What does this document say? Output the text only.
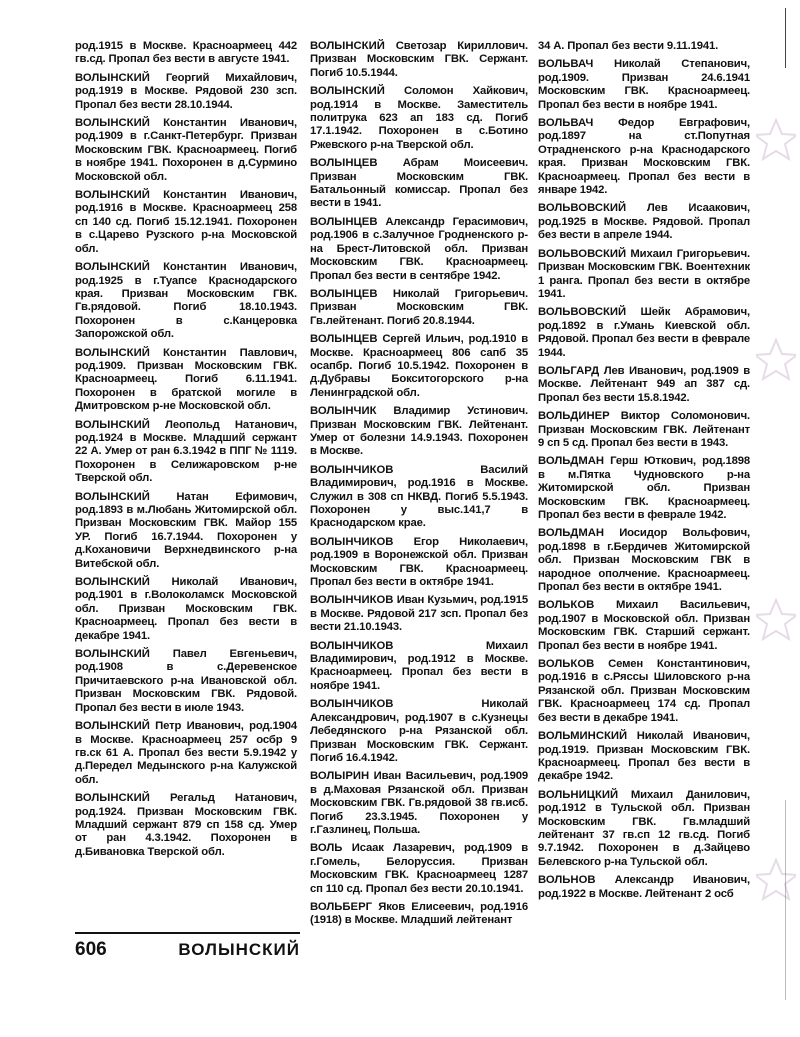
род.1915 в Москве. Красноармеец 442 гв.сд. Пропал без вести в августе 1941.

ВОЛЫНСКИЙ Георгий Михайлович, род.1919 в Москве. Рядовой 230 зсп. Пропал без вести 28.10.1944.

ВОЛЫНСКИЙ Константин Иванович, род.1909 в г.Санкт-Петербург. Призван Московским ГВК. Красноармеец. Погиб в ноябре 1941. Похоронен в д.Сурмино Московской обл.

ВОЛЫНСКИЙ Константин Иванович, род.1916 в Москве. Красноармеец 258 сп 140 сд. Погиб 15.12.1941. Похоронен в с.Царево Рузского р-на Московской обл.

ВОЛЫНСКИЙ Константин Иванович, род.1925 в г.Туапсе Краснодарского края. Призван Московским ГВК. Гв.рядовой. Погиб 18.10.1943. Похоронен в с.Канцеровка Запорожской обл.

ВОЛЫНСКИЙ Константин Павлович, род.1909. Призван Московским ГВК. Красноармеец. Погиб 6.11.1941. Похоронен в братской могиле в Дмитровском р-не Московской обл.

ВОЛЫНСКИЙ Леопольд Натанович, род.1924 в Москве. Младший сержант 22 А. Умер от ран 6.3.1942 в ППГ № 1119. Похоронен в Селижаровском р-не Тверской обл.

ВОЛЫНСКИЙ Натан Ефимович, род.1893 в м.Любань Житомирской обл. Призван Московским ГВК. Майор 155 УР. Погиб 16.7.1944. Похоронен у д.Кохановичи Верхнедвинского р-на Витебской обл.

ВОЛЫНСКИЙ Николай Иванович, род.1901 в г.Волоколамск Московской обл. Призван Московским ГВК. Красноармеец. Пропал без вести в декабре 1941.

ВОЛЫНСКИЙ Павел Евгеньевич, род.1908 в с.Деревенское Причитаевского р-на Ивановской обл. Призван Московским ГВК. Рядовой. Пропал без вести в июле 1943.

ВОЛЫНСКИЙ Петр Иванович, род.1904 в Москве. Красноармеец 257 осбр 9 гв.ск 61 А. Пропал без вести 5.9.1942 у д.Передел Медынского р-на Калужской обл.

ВОЛЫНСКИЙ Регальд Натанович, род.1924. Призван Московским ГВК. Младший сержант 879 сп 158 сд. Умер от ран 4.3.1942. Похоронен в д.Бивановка Тверской обл.

ВОЛЫНСКИЙ Светозар Кириллович. Призван Московским ГВК. Сержант. Погиб 10.5.1944.

ВОЛЫНСКИЙ Соломон Хайкович, род.1914 в Москве. Заместитель политрука 623 ап 183 сд. Погиб 17.1.1942. Похоронен в с.Ботино Ржевского р-на Тверской обл.

ВОЛЫНЦЕВ Абрам Моисеевич. Призван Московским ГВК. Батальонный комиссар. Пропал без вести в 1941.

ВОЛЫНЦЕВ Александр Герасимович, род.1906 в с.Залучное Гродненского р-на Брест-Литовской обл. Призван Московским ГВК. Красноармеец. Пропал без вести в сентябре 1942.

ВОЛЫНЦЕВ Николай Григорьевич. Призван Московским ГВК. Гв.лейтенант. Погиб 20.8.1944.

ВОЛЫНЦЕВ Сергей Ильич, род.1910 в Москве. Красноармеец 806 сапб 35 осапбр. Погиб 10.5.1942. Похоронен в д.Дубравы Бокситогорского р-на Ленинградской обл.

ВОЛЫНЧИК Владимир Устинович. Призван Московским ГВК. Лейтенант. Умер от болезни 14.9.1943. Похоронен в Москве.

ВОЛЫНЧИКОВ Василий Владимирович, род.1916 в Москве. Служил в 308 сп НКВД. Погиб 5.5.1943. Похоронен у выс.141,7 в Краснодарском крае.

ВОЛЫНЧИКОВ Егор Николаевич, род.1909 в Воронежской обл. Призван Московским ГВК. Красноармеец. Пропал без вести в октябре 1941.

ВОЛЫНЧИКОВ Иван Кузьмич, род.1915 в Москве. Рядовой 217 зсп. Пропал без вести 21.10.1943.

ВОЛЫНЧИКОВ Михаил Владимирович, род.1912 в Москве. Красноармеец. Пропал без вести в ноябре 1941.

ВОЛЫНЧИКОВ Николай Александрович, род.1907 в с.Кузнецы Лебедянского р-на Рязанской обл. Призван Московским ГВК. Сержант. Погиб 16.4.1942.

ВОЛЫРИН Иван Васильевич, род.1909 в д.Маховая Рязанской обл. Призван Московским ГВК. Гв.рядовой 38 гв.исб. Погиб 23.3.1945. Похоронен у г.Газлинец, Польша.

ВОЛЬ Исаак Лазаревич, род.1909 в г.Гомель, Белоруссия. Призван Московским ГВК. Красноармеец 1287 сп 110 сд. Пропал без вести 20.10.1941.

ВОЛЬБЕРГ Яков Елисеевич, род.1916 (1918) в Москве. Младший лейтенант

34 А. Пропал без вести 9.11.1941.

ВОЛЬВАЧ Николай Степанович, род.1909. Призван 24.6.1941 Московским ГВК. Красноармеец. Пропал без вести в ноябре 1941.

ВОЛЬВАЧ Федор Евграфович, род.1897 на ст.Попутная Отрадненского р-на Краснодарского края. Призван Московским ГВК. Красноармеец. Пропал без вести в январе 1942.

ВОЛЬВОВСКИЙ Лев Исаакович, род.1925 в Москве. Рядовой. Пропал без вести в апреле 1944.

ВОЛЬВОВСКИЙ Михаил Григорьевич. Призван Московским ГВК. Воентехник 1 ранга. Пропал без вести в октябре 1941.

ВОЛЬВОВСКИЙ Шейк Абрамович, род.1892 в г.Умань Киевской обл. Рядовой. Пропал без вести в феврале 1944.

ВОЛЬГАРД Лев Иванович, род.1909 в Москве. Лейтенант 949 ап 387 сд. Пропал без вести 15.8.1942.

ВОЛЬДИНЕР Виктор Соломонович. Призван Московским ГВК. Лейтенант 9 сп 5 сд. Пропал без вести в 1943.

ВОЛЬДМАН Герш Юткович, род.1898 в м.Пятка Чудновского р-на Житомирской обл. Призван Московским ГВК. Красноармеец. Пропал без вести в феврале 1942.

ВОЛЬДМАН Иосидор Вольфович, род.1898 в г.Бердичев Житомирской обл. Призван Московским ГВК в народное ополчение. Красноармеец. Пропал без вести в октябре 1941.

ВОЛЬКОВ Михаил Васильевич, род.1907 в Московской обл. Призван Московским ГВК. Старший сержант. Пропал без вести в ноябре 1941.

ВОЛЬКОВ Семен Константинович, род.1916 в с.Рясcы Шиловского р-на Рязанской обл. Призван Московским ГВК. Красноармеец 174 сд. Пропал без вести в декабре 1941.

ВОЛЬМИНСКИЙ Николай Иванович, род.1919. Призван Московским ГВК. Красноармеец. Пропал без вести в декабре 1942.

ВОЛЬНИЦКИЙ Михаил Данилович, род.1912 в Тульской обл. Призван Московским ГВК. Гв.младший лейтенант 37 гв.сп 12 гв.сд. Погиб 9.7.1942. Похоронен в д.Зайцево Белевского р-на Тульской обл.

ВОЛЬНОВ Александр Иванович, род.1922 в Москве. Лейтенант 2 осб

606	ВОЛЫНСКИЙ
